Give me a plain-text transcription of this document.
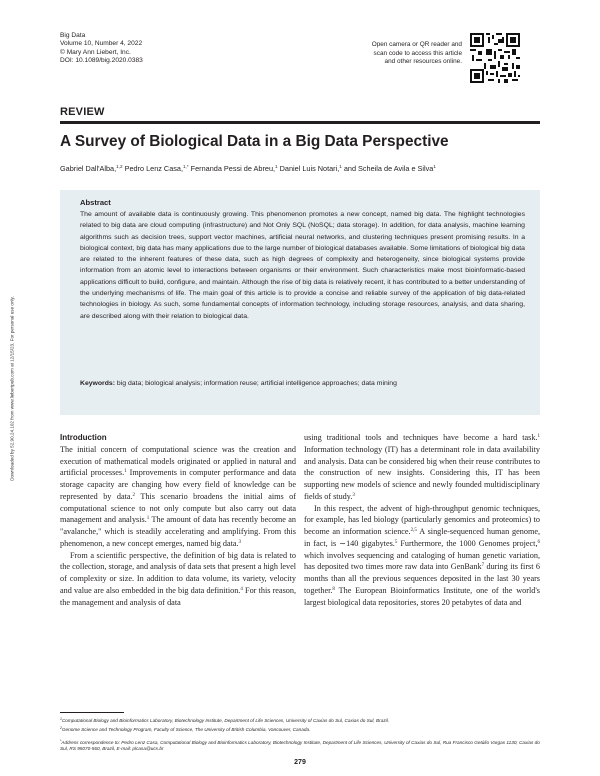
Big Data
Volume 10, Number 4, 2022
© Mary Ann Liebert, Inc.
DOI: 10.1089/big.2020.0383
Open camera or QR reader and
scan code to access this article
and other resources online.
REVIEW
A Survey of Biological Data in a Big Data Perspective
Gabriel Dall'Alba,$^{1,2}$ Pedro Lenz Casa,$^{1,*}$ Fernanda Pessi de Abreu,$^1$ Daniel Luis Notari,$^1$ and Scheila de Avila e Silva$^1$
Abstract

The amount of available data is continuously growing. This phenomenon promotes a new concept, named big data. The highlight technologies related to big data are cloud computing (infrastructure) and Not Only SQL (NoSQL; data storage). In addition, for data analysis, machine learning algorithms such as decision trees, support vector machines, artificial neural networks, and clustering techniques present promising results. In a biological context, big data has many applications due to the large number of biological databases available. Some limitations of biological big data are related to the inherent features of these data, such as high degrees of complexity and heterogeneity, since biological systems provide information from an atomic level to interactions between organisms or their environment. Such characteristics make most bioinformatic-based applications difficult to build, configure, and maintain. Although the rise of big data is relatively recent, it has contributed to a better understanding of the underlying mechanisms of life. The main goal of this article is to provide a concise and reliable survey of the application of big data-related technologies in biology. As such, some fundamental concepts of information technology, including storage resources, analysis, and data sharing, are described along with their relation to biological data.

Keywords: big data; biological analysis; information reuse; artificial intelligence approaches; data mining
Downloaded by 52.90.24.102 from www.liebertpub.com at 12/15/23. For personal use only.	Introduction

The initial concern of computational science was the creation and execution of mathematical models originated or applied in natural and artificial processes.$^1$ Improvements in computer performance and data storage capacity are changing how every field of knowledge can be represented by data.$^2$ This scenario broadens the initial aims of computational science to not only compute but also carry out data management and analysis.$^1$ The amount of data has recently become an "avalanche," which is steadily accelerating and amplifying. From this phenomenon, a new concept emerges, named big data.$^3$

From a scientific perspective, the definition of big data is related to the collection, storage, and analysis of data sets that present a high level of complexity or size. In addition to data volume, its variety, velocity and value are also embedded in the big data definition.$^4$ For this reason, the management and analysis of data

using traditional tools and techniques have become a hard task.$^1$ Information technology (IT) has a determinant role in data availability and analysis. Data can be considered big when their reuse contributes to the construction of new insights. Considering this, IT has been supporting new models of science and newly founded multidisciplinary fields of study.$^3$

In this respect, the advent of high-throughput genomic techniques, for example, has led biology (particularly genomics and proteomics) to become an information science.$^{2,5}$ A single-sequenced human genome, in fact, is ∼140 gigabytes.$^5$ Furthermore, the 1000 Genomes project,$^6$ which involves sequencing and cataloging of human genetic variation, has deposited two times more raw data into GenBank$^7$ during its first 6 months than all the previous sequences deposited in the last 30 years together.$^8$ The European Bioinformatics Institute, one of the world's largest biological data repositories, stores 20 petabytes of data and

$^1$Computational Biology and Bioinformatics Laboratory, Biotechnology Institute, Department of Life Sciences, University of Caxias do Sul, Caxias do Sul, Brazil.
$^2$Genome Science and Technology Program, Faculty of Science, The University of British Columbia, Vancouver, Canada.
*Address correspondence to: Pedro Lenz Casa, Computational Biology and Bioinformatics Laboratory, Biotechnology Institute, Department of Life Sciences, University of Caxias do Sul, Rua Francisco Getúlio Vargas 1130, Caxias do Sul, RS 95070-560, Brazil, E-mail: plcasa@ucs.br
279
